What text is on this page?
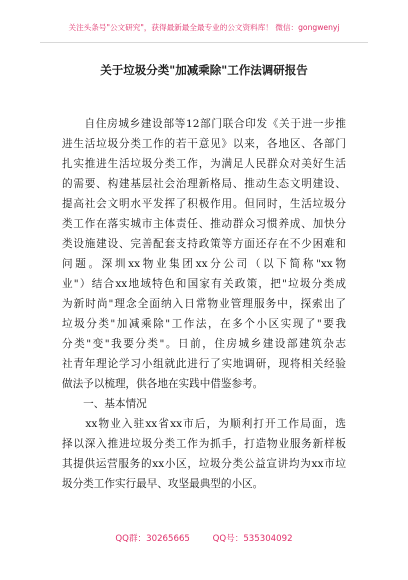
关注头条号"公文研究"，获得最新最全最专业的公文资料库！ 微信：gongwenyj
关于垃圾分类"加减乘除"工作法调研报告
　　自住房城乡建设部等12部门联合印发《关于进一步推
进生活垃圾分类工作的若干意见》以来，各地区、各部门
扎实推进生活垃圾分类工作，为满足人民群众对美好生活
的需要、构建基层社会治理新格局、推动生态文明建设、
提高社会文明水平发挥了积极作用。但同时，生活垃圾分
类工作在落实城市主体责任、推动群众习惯养成、加快分
类设施建设、完善配套支持政策等方面还存在不少困难和
问题。深圳xx物业集团xx分公司（以下简称"xx物
业"）结合xx地域特色和国家有关政策，把"垃圾分类成
为新时尚"理念全面纳入日常物业管理服务中，探索出了
垃圾分类"加减乘除"工作法，在多个小区实现了"要我
分类"变"我要分类"。日前，住房城乡建设部建筑杂志
社青年理论学习小组就此进行了实地调研，现将相关经验
做法予以梳理，供各地在实践中借鉴参考。
　　一、基本情况
　　xx物业入驻xx省xx市后，为顺利打开工作局面，选
择以深入推进垃圾分类工作为抓手，打造物业服务新样板
其提供运营服务的xx小区，垃圾分类公益宣讲均为xx市垃
圾分类工作实行最早、攻坚最典型的小区。
QQ群：30265665	QQ号：535304092
